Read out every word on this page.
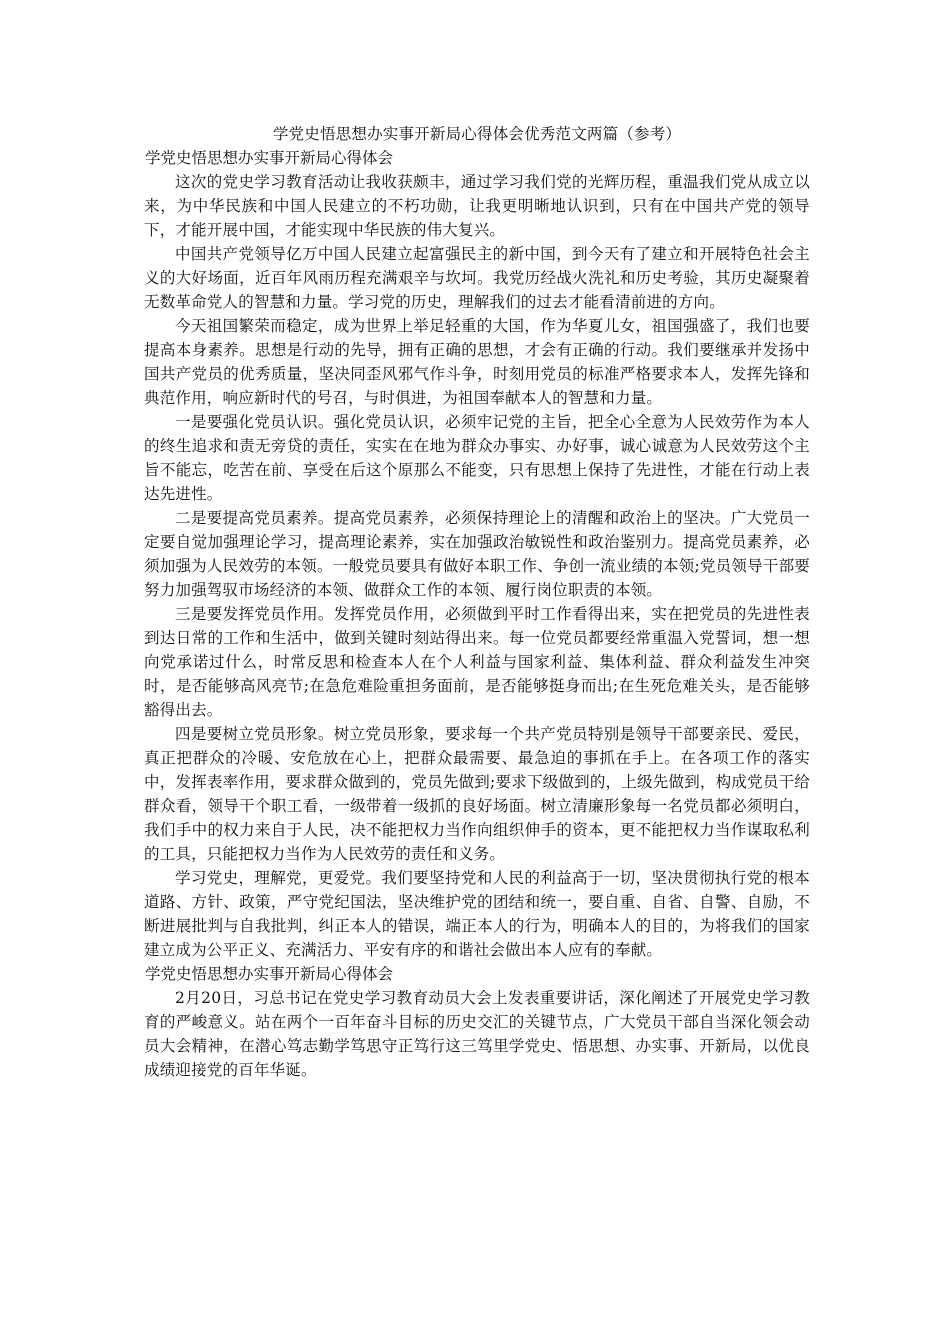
学党史悟思想办实事开新局心得体会优秀范文两篇（参考）

学党史悟思想办实事开新局心得体会

这次的党史学习教育活动让我收获颇丰，通过学习我们党的光辉历程，重温我们党从成立以来，为中华民族和中国人民建立的不朽功勋，让我更明晰地认识到，只有在中国共产党的领导下，才能开展中国，才能实现中华民族的伟大复兴。

中国共产党领导亿万中国人民建立起富强民主的新中国，到今天有了建立和开展特色社会主义的大好场面，近百年风雨历程充满艰辛与坎坷。我党历经战火洗礼和历史考验，其历史凝聚着无数革命党人的智慧和力量。学习党的历史，理解我们的过去才能看清前进的方向。

今天祖国繁荣而稳定，成为世界上举足轻重的大国，作为华夏儿女，祖国强盛了，我们也要提高本身素养。思想是行动的先导，拥有正确的思想，才会有正确的行动。我们要继承并发扬中国共产党员的优秀质量，坚决同歪风邪气作斗争，时刻用党员的标准严格要求本人，发挥先锋和典范作用，响应新时代的号召，与时俱进，为祖国奉献本人的智慧和力量。

一是要强化党员认识。强化党员认识，必须牢记党的主旨，把全心全意为人民效劳作为本人的终生追求和责无旁贷的责任，实实在在地为群众办事实、办好事，诚心诚意为人民效劳这个主旨不能忘，吃苦在前、享受在后这个原那么不能变，只有思想上保持了先进性，才能在行动上表达先进性。

二是要提高党员素养。提高党员素养，必须保持理论上的清醒和政治上的坚决。广大党员一定要自觉加强理论学习，提高理论素养，实在加强政治敏锐性和政治鉴别力。提高党员素养，必须加强为人民效劳的本领。一般党员要具有做好本职工作、争创一流业绩的本领;党员领导干部要努力加强驾驭市场经济的本领、做群众工作的本领、履行岗位职责的本领。

三是要发挥党员作用。发挥党员作用，必须做到平时工作看得出来，实在把党员的先进性表到达日常的工作和生活中，做到关键时刻站得出来。每一位党员都要经常重温入党誓词，想一想向党承诺过什么，时常反思和检查本人在个人利益与国家利益、集体利益、群众利益发生冲突时，是否能够高风亮节;在急危难险重担务面前，是否能够挺身而出;在生死危难关头，是否能够豁得出去。

四是要树立党员形象。树立党员形象，要求每一个共产党员特别是领导干部要亲民、爱民，真正把群众的冷暖、安危放在心上，把群众最需要、最急迫的事抓在手上。在各项工作的落实中，发挥表率作用，要求群众做到的，党员先做到;要求下级做到的，上级先做到，构成党员干给群众看，领导干个职工看，一级带着一级抓的良好场面。树立清廉形象每一名党员都必须明白，我们手中的权力来自于人民，决不能把权力当作向组织伸手的资本，更不能把权力当作谋取私利的工具，只能把权力当作为人民效劳的责任和义务。

学习党史，理解党，更爱党。我们要坚持党和人民的利益高于一切，坚决贯彻执行党的根本道路、方针、政策，严守党纪国法，坚决维护党的团结和统一，要自重、自省、自警、自励，不断进展批判与自我批判，纠正本人的错误，端正本人的行为，明确本人的目的，为将我们的国家建立成为公平正义、充满活力、平安有序的和谐社会做出本人应有的奉献。

学党史悟思想办实事开新局心得体会

2月20日，习总书记在党史学习教育动员大会上发表重要讲话，深化阐述了开展党史学习教育的严峻意义。站在两个一百年奋斗目标的历史交汇的关键节点，广大党员干部自当深化领会动员大会精神，在潜心笃志勤学笃思守正笃行这三笃里学党史、悟思想、办实事、开新局，以优良成绩迎接党的百年华诞。
